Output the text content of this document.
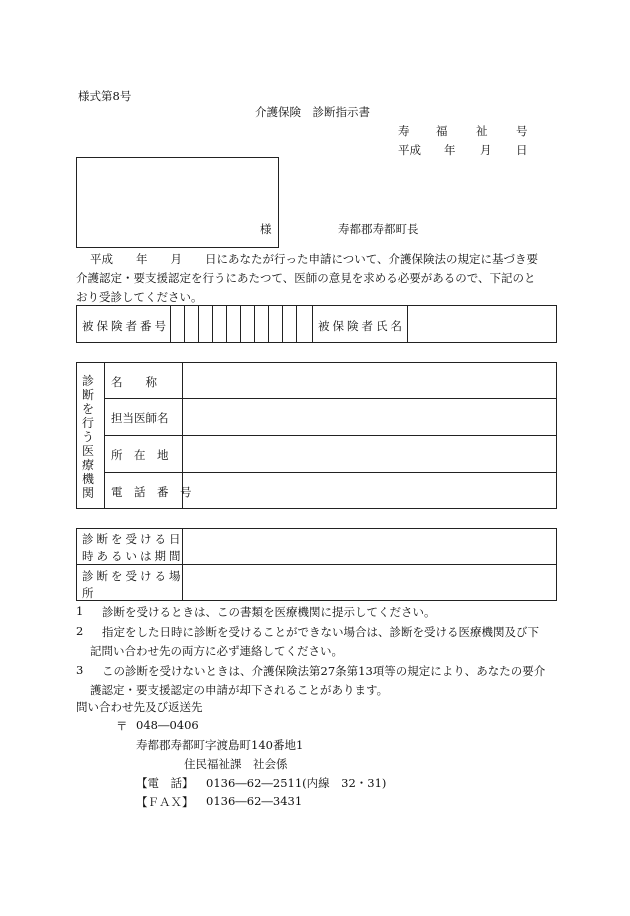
様式第8号
介護保険　診断指示書
寿 福 祉 号
平成 年 月 日
様	寿都郡寿都町長
平成　　年　　月　　日にあなたが行った申請について、介護保険法の規定に基づき要
介護認定・要支援認定を行うにあたつて、医師の意見を求める必要があるので、下記のと
おり受診してください。
被保険者番号	被保険者氏名
診断を行う医療機関
名　　称
担当医師名
所　在　地
電　話　番　号
診断を受ける日
時あるいは期間
診断を受ける場
所
1 診断を受けるときは、この書類を医療機関に提示してください。
2 指定をした日時に診断を受けることができない場合は、診断を受ける医療機関及び下
記問い合わせ先の両方に必ず連絡してください。
3 この診断を受けないときは、介護保険法第27条第13項等の規定により、あなたの要介
護認定・要支援認定の申請が却下されることがあります。
問い合わせ先及び返送先
〒 048―0406
寿都郡寿都町字渡島町140番地1
住民福祉課　社会係
【電　話】 0136―62―2511(内線　32・31)
【ＦＡＸ】 0136―62―3431
